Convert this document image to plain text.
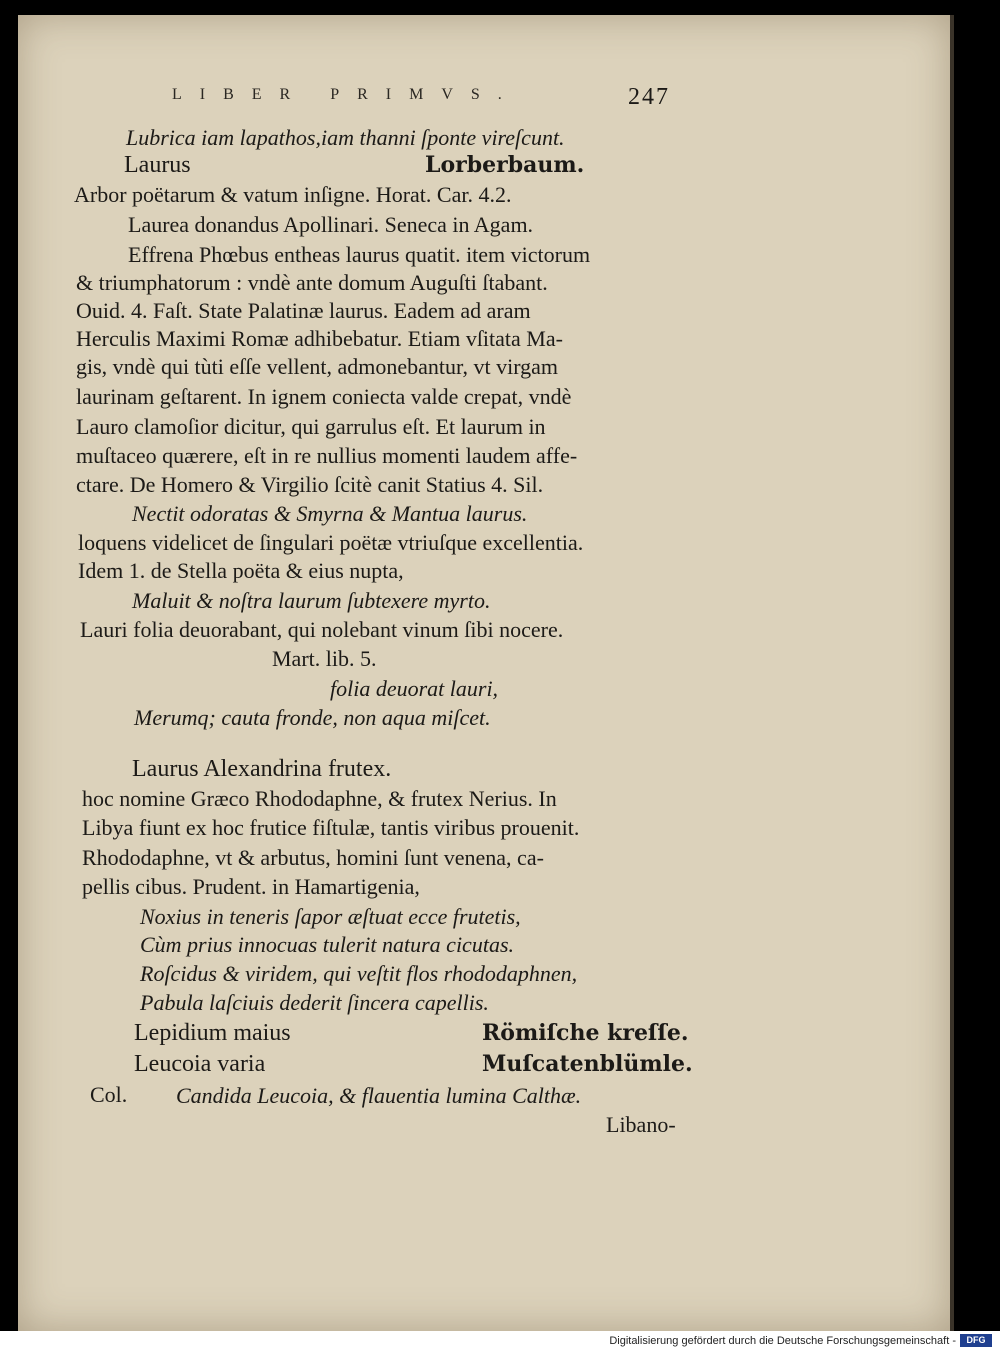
LIBER PRIMVS.	247
Lubrica iam lapathos,iam thanni ſponte vireſcunt.
Laurus	Lorberbaum.
Arbor poëtarum & vatum inſigne. Horat. Car. 4.2.
Laurea donandus Apollinari. Seneca in Agam.
Effrena Phœbus entheas laurus quatit. item victorum
& triumphatorum : vndè ante domum Auguſti ſtabant.
Ouid. 4. Faſt. State Palatinæ laurus. Eadem ad aram
Herculis Maximi Romæ adhibebatur. Etiam vſitata Ma-
gis, vndè qui tùti eſſe vellent, admonebantur, vt virgam
laurinam geſtarent. In ignem coniecta valde crepat, vndè
Lauro clamoſior dicitur, qui garrulus eſt. Et laurum in
muſtaceo quærere, eſt in re nullius momenti laudem affe-
ctare. De Homero & Virgilio ſcitè canit Statius 4. Sil.
Nectit odoratas & Smyrna & Mantua laurus.
loquens videlicet de ſingulari poëtæ vtriuſque excellentia.
Idem 1. de Stella poëta & eius nupta,
Maluit & noſtra laurum ſubtexere myrto.
Lauri folia deuorabant, qui nolebant vinum ſibi nocere.
Mart. lib. 5.
folia deuorat lauri,
Merumq; cauta fronde, non aqua miſcet.
Laurus Alexandrina frutex.
hoc nomine Græco Rhododaphne, & frutex Nerius. In
Libya fiunt ex hoc frutice fiſtulæ, tantis viribus prouenit.
Rhododaphne, vt & arbutus, homini ſunt venena, ca-
pellis cibus. Prudent. in Hamartigenia,
Noxius in teneris ſapor æſtuat ecce frutetis,
Cùm prius innocuas tulerit natura cicutas.
Roſcidus & viridem, qui veſtit flos rhododaphnen,
Pabula laſciuis dederit ſincera capellis.
Lepidium maius	Römiſche kreſſe.
Leucoia varia	Muſcatenblümle.
Col. Candida Leucoia, & flauentia lumina Calthæ.
Libano-
Digitalisierung gefördert durch die Deutsche Forschungsgemeinschaft -	DFG
